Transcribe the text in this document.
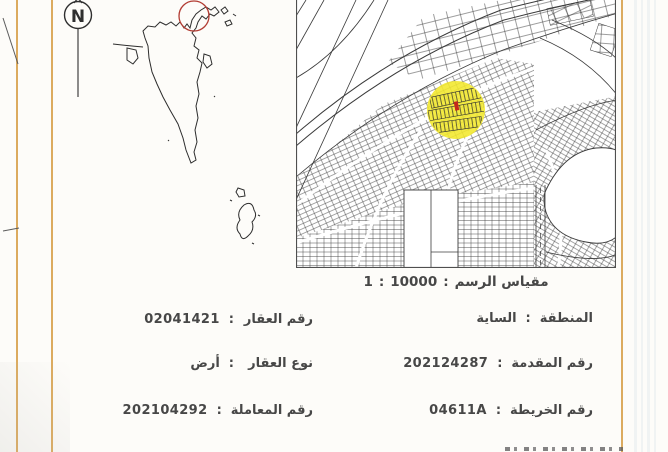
N
مقياس الرسم
:
10000
:
1
المنطقة
:
الساية
رقم المقدمة
:
202124287
رقم الخريطة
:
04611A
رقم العقار
:
02041421
نوع العقار
:
أرض
رقم المعاملة
:
202104292
